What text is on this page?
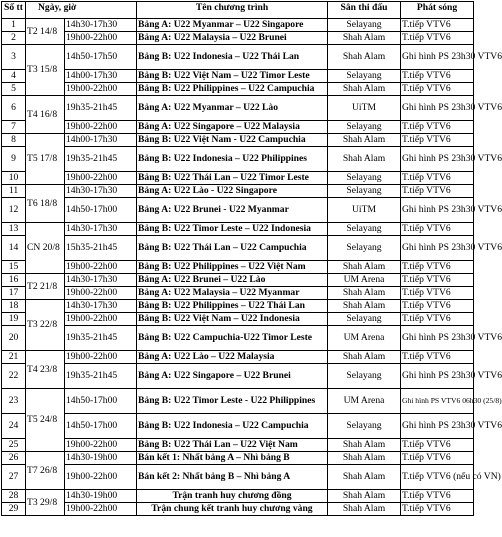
Số tt	Ngày, giờ		Tên chương trình	Sân thi đấu	Phát sóng
1	T2 14/8	14h30-17h30	Bảng A: U22 Myanmar – U22 Singapore	Selayang	T.tiếp VTV6
2		19h00-22h00	Bảng A: U22 Malaysia – U22 Brunei	Shah Alam	T.tiếp VTV6
3	T3 15/8	14h50-17h50	Bảng B: U22 Indonesia – U22 Thái Lan	Shah Alam	Ghi hình PS 23h30 VTV6
4		14h00-17h30	Bảng B: U22 Việt Nam – U22 Timor Leste	Selayang	T.tiếp VTV6
5		19h00-22h00	Bảng B: U22 Philippines – U22 Campuchia	Shah Alam	T.tiếp VTV6
6	T4 16/8	19h35-21h45	Bảng A: U22 Myanmar – U22 Lào	UiTM	Ghi hình PS 23h30 VTV6
7		19h00-22h00	Bảng A: U22 Singapore – U22 Malaysia	Selayang	T.tiếp VTV6
8	T5 17/8	14h00-17h30	Bảng B: U22 Việt Nam - U22 Campuchia	Shah Alam	T.tiếp VTV6
9		19h35-21h45	Bảng B: U22 Indonesia – U22 Philippines	Shah Alam	Ghi hình PS 23h30 VTV6
10		19h00-22h00	Bảng B: U22 Thái Lan – U22 Timor Leste	Selayang	T.tiếp VTV6
11	T6 18/8	14h30-17h30	Bảng A: U22 Lào - U22 Singapore	Selayang	T.tiếp VTV6
12		14h50-17h00	Bảng A: U22 Brunei - U22 Myanmar	UiTM	Ghi hình PS 23h30 VTV6
13	CN 20/8	14h30-17h30	Bảng B: U22 Timor Leste – U22 Indonesia	Selayang	T.tiếp VTV6
14		15h35-21h45	Bảng B: U22 Thái Lan – U22 Campuchia	Selayang	Ghi hình PS 23h30 VTV6
15		19h00-22h00	Bảng B: U22 Philippines – U22 Việt Nam	Shah Alam	T.tiếp VTV6
16	T2 21/8	14h30-17h30	Bảng A: U22 Brunei – U22 Lào	UM Arena	T.tiếp VTV6
17		19h00-22h00	Bảng A: U22 Malaysia – U22 Myanmar	Shah Alam	T.tiếp VTV6
18	T3 22/8	14h30-17h30	Bảng B: U22 Philippines – U22 Thái Lan	Shah Alam	T.tiếp VTV6
19		19h00-22h00	Bảng B: U22 Việt Nam – U22 Indonesia	Selayang	T.tiếp VTV6
20		19h35-21h45	Bảng B: U22 Campuchia-U22 Timor Leste	UM Arena	Ghi hình PS 23h30 VTV6
21	T4 23/8	19h00-22h00	Bảng A: U22 Lào – U22 Malaysia	Shah Alam	T.tiếp VTV6
22		19h35-21h45	Bảng A: U22 Singapore – U22 Brunei	Selayang	Ghi hình PS 23h30 VTV6
23	T5 24/8	14h50-17h00	Bảng B: U22 Timor Leste - U22 Philippines	UM Arena	Ghi hình PS VTV6 06h30 (25/8)
24		14h50-17h00	Bảng B: U22 Indonesia – U22 Campuchia	Selayang	Ghi hình PS 23h30 VTV6
25		19h00-22h00	Bảng B: U22 Thái Lan – U22 Việt Nam	Shah Alam	T.tiếp VTV6
26	T7 26/8	14h30-19h00	Bán kết 1: Nhất bảng A – Nhì bảng B	Shah Alam	T.tiếp VTV6
27		19h00-22h00	Bán kết 2: Nhất bảng B – Nhì bảng A	Shah Alam	T.tiếp VTV6 (nếu có VN)
28	T3 29/8	14h30-19h00	Trận tranh huy chương đồng	Shah Alam	T.tiếp VTV6
29		19h00-22h00	Trận chung kết tranh huy chương vàng	Shah Alam	T.tiếp VTV6
